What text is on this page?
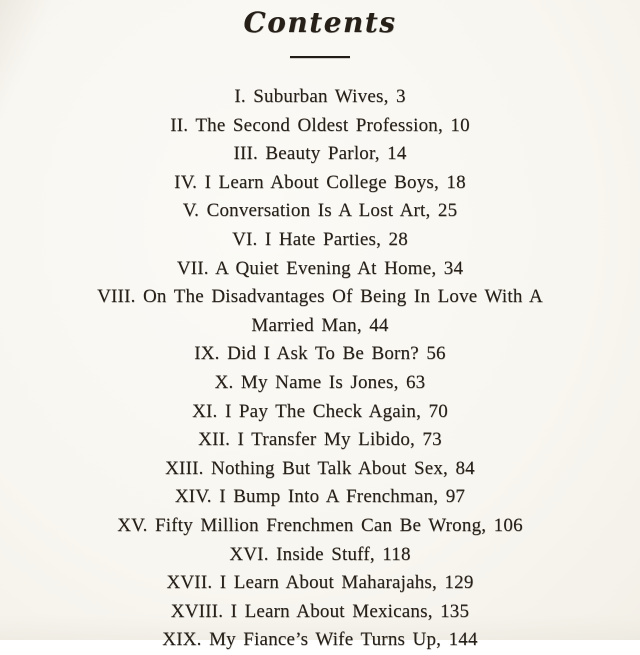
Contents
I. Suburban Wives, 3
II. The Second Oldest Profession, 10
III. Beauty Parlor, 14
IV. I Learn About College Boys, 18
V. Conversation Is A Lost Art, 25
VI. I Hate Parties, 28
VII. A Quiet Evening At Home, 34
VIII. On The Disadvantages Of Being In Love With A Married Man, 44
IX. Did I Ask To Be Born? 56
X. My Name Is Jones, 63
XI. I Pay The Check Again, 70
XII. I Transfer My Libido, 73
XIII. Nothing But Talk About Sex, 84
XIV. I Bump Into A Frenchman, 97
XV. Fifty Million Frenchmen Can Be Wrong, 106
XVI. Inside Stuff, 118
XVII. I Learn About Maharajahs, 129
XVIII. I Learn About Mexicans, 135
XIX. My Fiance’s Wife Turns Up, 144
